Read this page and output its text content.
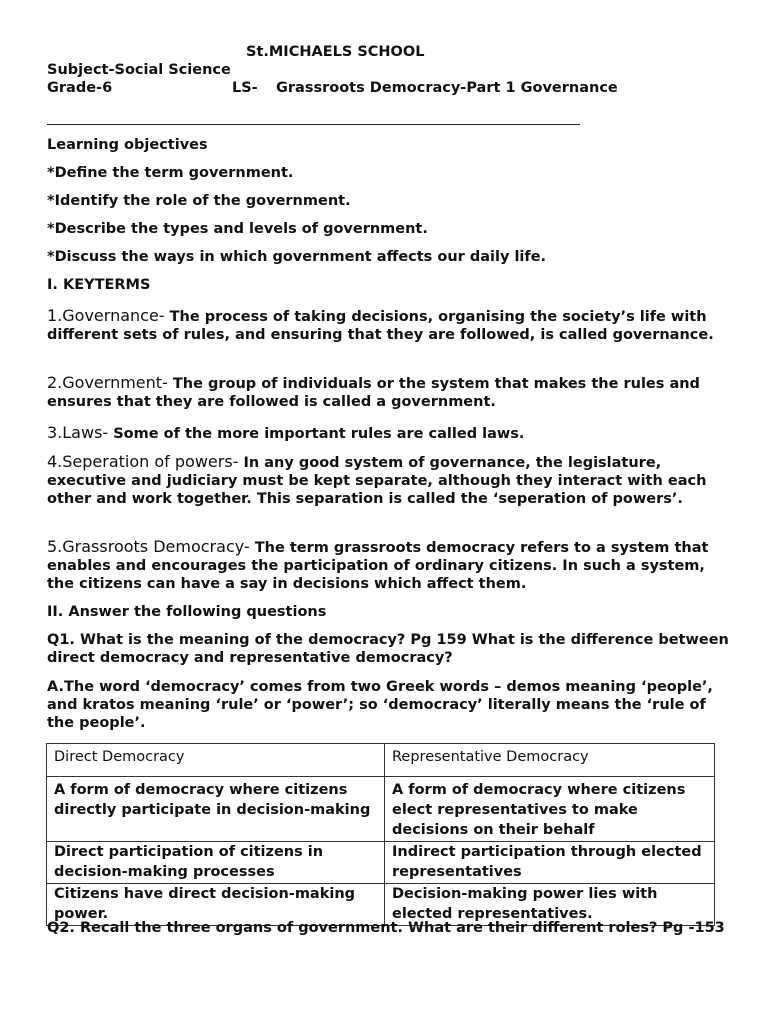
St.MICHAELS SCHOOL
Subject-Social Science
Grade-6	LS- Grassroots Democracy-Part 1 Governance
Learning objectives
*Define the term government.
*Identify the role of the government.
*Describe the types and levels of government.
*Discuss the ways in which government affects our daily life.
I. KEYTERMS
1.Governance- The process of taking decisions, organising the society’s life with different sets of rules, and ensuring that they are followed, is called governance.
2.Government- The group of individuals or the system that makes the rules and ensures that they are followed is called a government.
3.Laws- Some of the more important rules are called laws.
4.Seperation of powers- In any good system of governance, the legislature, executive and judiciary must be kept separate, although they interact with each other and work together. This separation is called the ‘seperation of powers’.
5.Grassroots Democracy- The term grassroots democracy refers to a system that enables and encourages the participation of ordinary citizens. In such a system, the citizens can have a say in decisions which affect them.
II. Answer the following questions
Q1. What is the meaning of the democracy? Pg 159 What is the difference between direct democracy and representative democracy?
A.The word ‘democracy’ comes from two Greek words – demos meaning ‘people’, and kratos meaning ‘rule’ or ‘power’; so ‘democracy’ literally means the ‘rule of the people’.
Direct Democracy	Representative Democracy
A form of democracy where citizens directly participate in decision-making	A form of democracy where citizens elect representatives to make decisions on their behalf
Direct participation of citizens in decision-making processes	Indirect participation through elected representatives
Citizens have direct decision-making power.	Decision-making power lies with elected representatives.
Q2. Recall the three organs of government. What are their different roles? Pg -153
